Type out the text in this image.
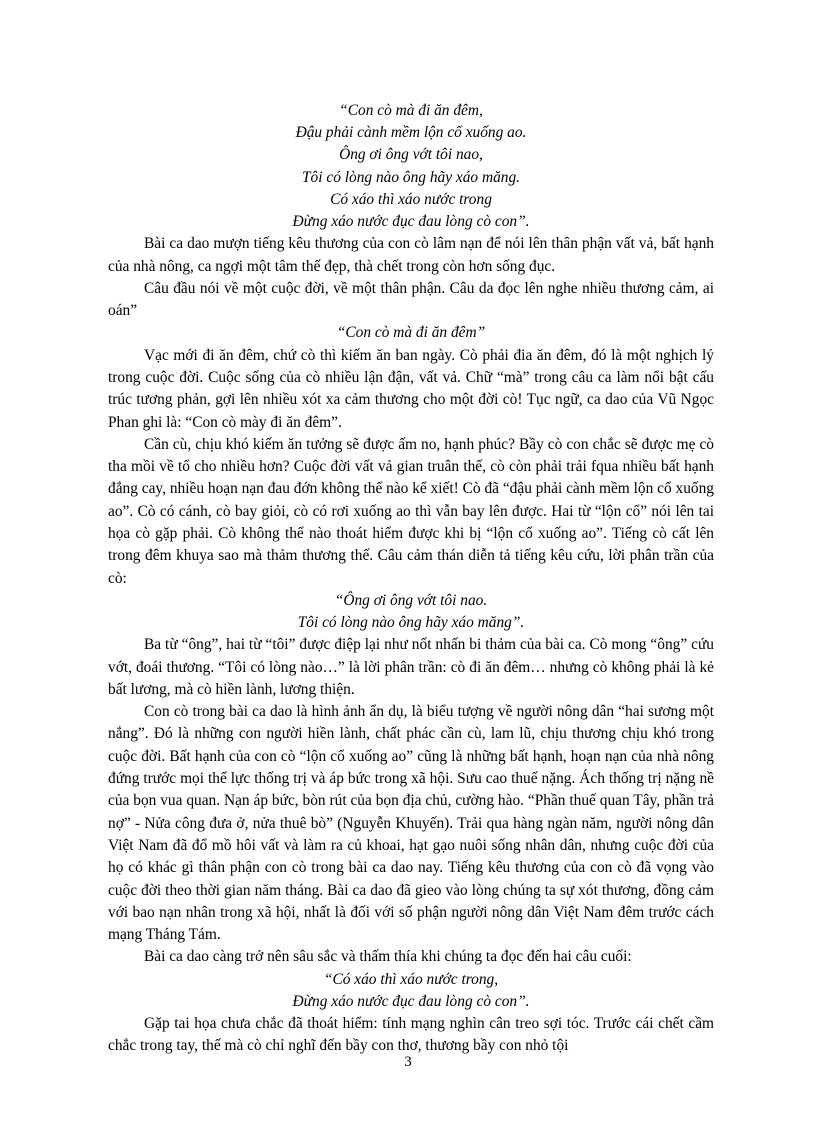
“Con cò mà đi ăn đêm,
Đậu phải cành mềm lộn cổ xuống ao.
Ông ơi ông vớt tôi nao,
Tôi có lòng nào ông hãy xáo măng.
Có xáo thì xáo nước trong
Đừng xáo nước đục đau lòng cò con”.

Bài ca dao mượn tiếng kêu thương của con cò lâm nạn để nói lên thân phận vất vả, bất hạnh của nhà nông, ca ngợi một tâm thế đẹp, thà chết trong còn hơn sống đục.

Câu đầu nói về một cuộc đời, về một thân phận. Câu da đọc lên nghe nhiều thương cảm, ai oán”

“Con cò mà đi ăn đêm”

Vạc mới đi ăn đêm, chứ cò thì kiếm ăn ban ngày. Cò phải đia ăn đêm, đó là một nghịch lý trong cuộc đời. Cuộc sống của cò nhiều lận đận, vất vả. Chữ “mà” trong câu ca làm nổi bật cấu trúc tương phản, gợi lên nhiều xót xa cảm thương cho một đời cò! Tục ngữ, ca dao của Vũ Ngọc Phan ghi là: “Con cò mày đi ăn đêm”.

Cần cù, chịu khó kiếm ăn tưởng sẽ được ấm no, hạnh phúc? Bầy cò con chắc sẽ được mẹ cò tha mồi về tổ cho nhiều hơn? Cuộc đời vất vả gian truân thế, cò còn phải trải fqua nhiều bất hạnh đắng cay, nhiều hoạn nạn đau đớn không thể nào kể xiết! Cò đã “đậu phải cành mềm lộn cổ xuống ao”. Cò có cánh, cò bay giỏi, cò có rơi xuống ao thì vẫn bay lên được. Hai từ “lộn cổ” nói lên tai họa cò gặp phải. Cò không thể nào thoát hiểm được khi bị “lộn cổ xuống ao”. Tiếng cò cất lên trong đêm khuya sao mà thảm thương thế. Câu cảm thán diễn tả tiếng kêu cứu, lời phân trần của cò:

“Ông ơi ông vớt tôi nao.
Tôi có lòng nào ông hãy xáo măng”.

Ba từ “ông”, hai từ “tôi” được điệp lại như nốt nhấn bi thảm của bài ca. Cò mong “ông” cứu vớt, đoái thương. “Tôi có lòng nào…” là lời phân trần: cò đi ăn đêm… nhưng cò không phải là kẻ bất lương, mà cò hiền lành, lương thiện.

Con cò trong bài ca dao là hình ảnh ẩn dụ, là biểu tượng về người nông dân “hai sương một nắng”. Đó là những con người hiền lành, chất phác cần cù, lam lũ, chịu thương chịu khó trong cuộc đời. Bất hạnh của con cò “lộn cổ xuống ao” cũng là những bất hạnh, hoạn nạn của nhà nông đứng trước mọi thế lực thống trị và áp bức trong xã hội. Sưu cao thuế nặng. Ách thống trị nặng nề của bọn vua quan. Nạn áp bức, bòn rút của bọn địa chủ, cường hào. “Phần thuế quan Tây, phần trả nợ” - Nửa công đưa ở, nửa thuê bò” (Nguyễn Khuyến). Trải qua hàng ngàn năm, người nông dân Việt Nam đã đổ mồ hôi vất và làm ra củ khoai, hạt gạo nuôi sống nhân dân, nhưng cuộc đời của họ có khác gì thân phận con cò trong bài ca dao nay. Tiếng kêu thương của con cò đã vọng vào cuộc đời theo thời gian năm tháng. Bài ca dao đã gieo vào lòng chúng ta sự xót thương, đồng cảm với bao nạn nhân trong xã hội, nhất là đối với số phận người nông dân Việt Nam đêm trước cách mạng Tháng Tám.

Bài ca dao càng trở nên sâu sắc và thấm thía khi chúng ta đọc đến hai câu cuối:

“Có xáo thì xáo nước trong,
Đừng xáo nước đục đau lòng cò con”.

Gặp tai họa chưa chắc đã thoát hiểm: tính mạng nghìn cân treo sợi tóc. Trước cái chết cầm chắc trong tay, thế mà cò chỉ nghĩ đến bầy con thơ, thương bầy con nhỏ tội

3
